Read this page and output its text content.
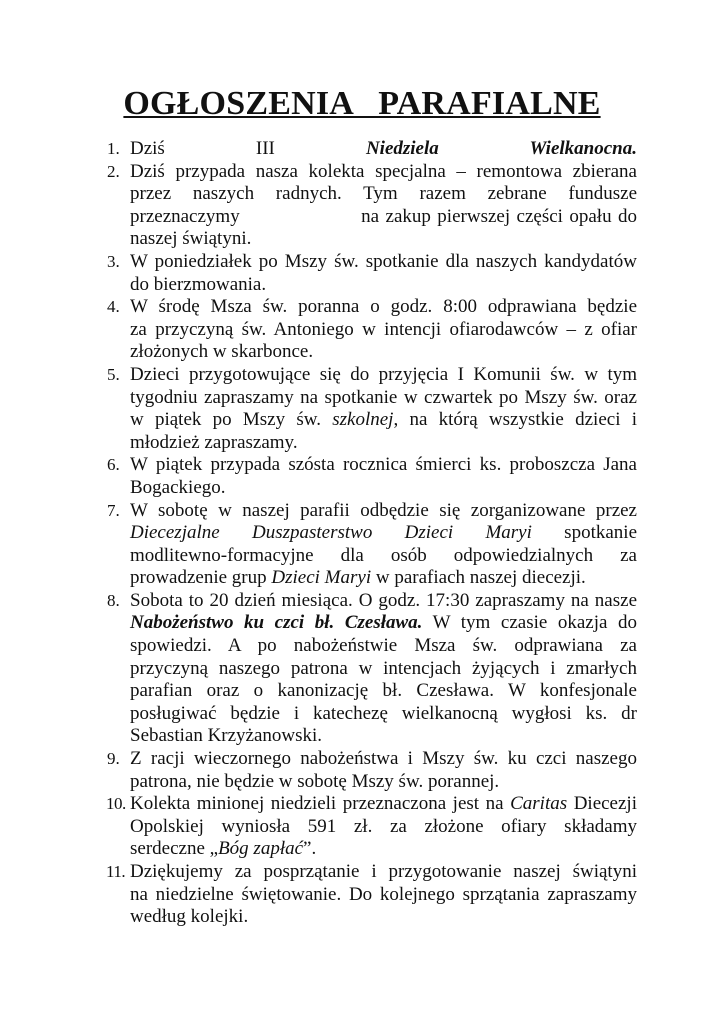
OGŁOSZENIA   PARAFIALNE
1. Dziś III Niedziela Wielkanocna.
2. Dziś przypada nasza kolekta specjalna – remontowa zbierana
przez naszych radnych. Tym razem zebrane fundusze
przeznaczymy	na zakup pierwszej części opału do
naszej świątyni.
3. W poniedziałek po Mszy św. spotkanie dla naszych kandydatów
do bierzmowania.
4. W środę Msza św. poranna o godz. 8:00 odprawiana będzie
za przyczyną św. Antoniego w intencji ofiarodawców – z ofiar
złożonych w skarbonce.
5. Dzieci przygotowujące się do przyjęcia I Komunii św. w tym
tygodniu zapraszamy na spotkanie w czwartek po Mszy św. oraz
w piątek po Mszy św. szkolnej, na którą wszystkie dzieci i
młodzież zapraszamy.
6. W piątek przypada szósta rocznica śmierci ks. proboszcza Jana
Bogackiego.
7. W sobotę w naszej parafii odbędzie się zorganizowane przez
Diecezjalne Duszpasterstwo Dzieci Maryi spotkanie
modlitewno-formacyjne dla osób odpowiedzialnych za
prowadzenie grup Dzieci Maryi w parafiach naszej diecezji.
8. Sobota to 20 dzień miesiąca. O godz. 17:30 zapraszamy na nasze
Nabożeństwo ku czci bł. Czesława. W tym czasie okazja do
spowiedzi. A po nabożeństwie Msza św. odprawiana za
przyczyną naszego patrona w intencjach żyjących i zmarłych
parafian oraz o kanonizację bł. Czesława. W konfesjonale
posługiwać będzie i katechezę wielkanocną wygłosi ks. dr
Sebastian Krzyżanowski.
9. Z racji wieczornego nabożeństwa i Mszy św. ku czci naszego
patrona, nie będzie w sobotę Mszy św. porannej.
10. Kolekta minionej niedzieli przeznaczona jest na Caritas Diecezji
Opolskiej wyniosła 591 zł. za złożone ofiary składamy
serdeczne „Bóg zapłać”.
11. Dziękujemy za posprzątanie i przygotowanie naszej świątyni
na niedzielne świętowanie. Do kolejnego sprzątania zapraszamy
według kolejki.
